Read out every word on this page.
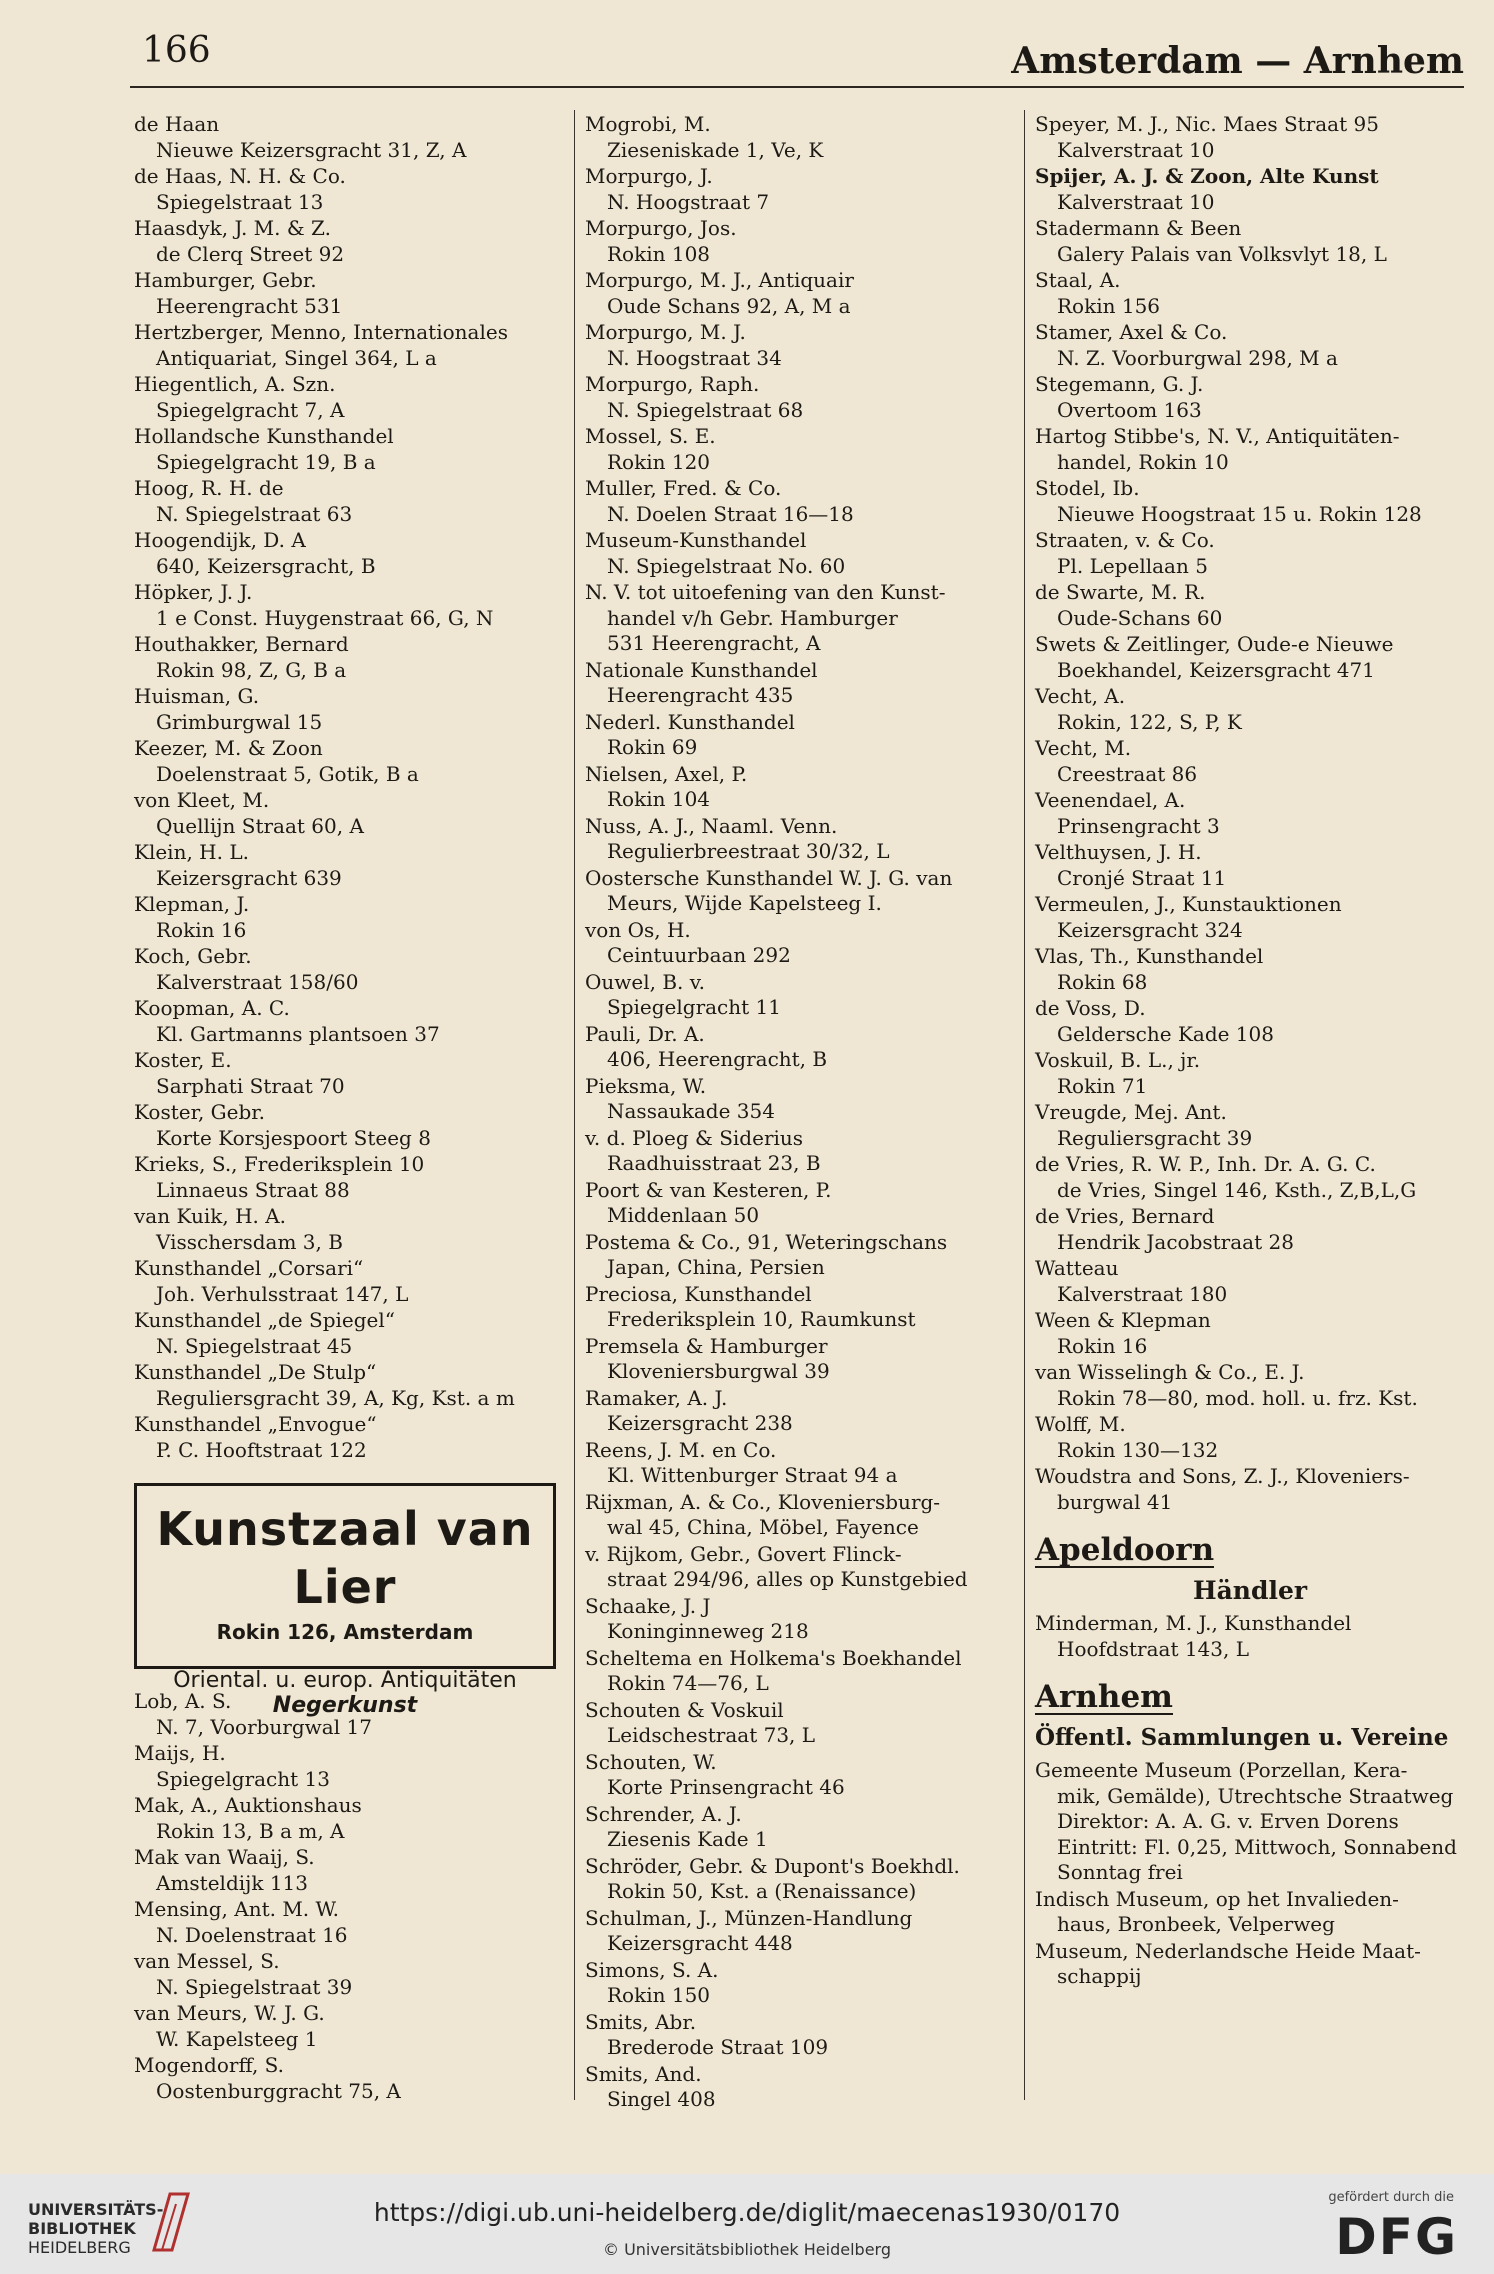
166	Amsterdam — Arnhem
de Haan
Nieuwe Keizersgracht 31, Z, A
de Haas, N. H. & Co.
Spiegelstraat 13
Haasdyk, J. M. & Z.
de Clerq Street 92
Hamburger, Gebr.
Heerengracht 531
Hertzberger, Menno, Internationales
Antiquariat, Singel 364, L a
Hiegentlich, A. Szn.
Spiegelgracht 7, A
Hollandsche Kunsthandel
Spiegelgracht 19, B a
Hoog, R. H. de
N. Spiegelstraat 63
Hoogendijk, D. A
640, Keizersgracht, B
Höpker, J. J.
1 e Const. Huygenstraat 66, G, N
Houthakker, Bernard
Rokin 98, Z, G, B a
Huisman, G.
Grimburgwal 15
Keezer, M. & Zoon
Doelenstraat 5, Gotik, B a
von Kleet, M.
Quellijn Straat 60, A
Klein, H. L.
Keizersgracht 639
Klepman, J.
Rokin 16
Koch, Gebr.
Kalverstraat 158/60
Koopman, A. C.
Kl. Gartmanns plantsoen 37
Koster, E.
Sarphati Straat 70
Koster, Gebr.
Korte Korsjespoort Steeg 8
Krieks, S., Frederiksplein 10
Linnaeus Straat 88
van Kuik, H. A.
Visschersdam 3, B
Kunsthandel „Corsari“
Joh. Verhulsstraat 147, L
Kunsthandel „de Spiegel“
N. Spiegelstraat 45
Kunsthandel „De Stulp“
Reguliersgracht 39, A, Kg, Kst. a m
Kunsthandel „Envogue“
P. C. Hooftstraat 122
Kunstzaal van Lier
Rokin 126, Amsterdam
Oriental. u. europ. Antiquitäten
Negerkunst
Lob, A. S.
N. 7, Voorburgwal 17
Maijs, H.
Spiegelgracht 13
Mak, A., Auktionshaus
Rokin 13, B a m, A
Mak van Waaij, S.
Amsteldijk 113
Mensing, Ant. M. W.
N. Doelenstraat 16
van Messel, S.
N. Spiegelstraat 39
van Meurs, W. J. G.
W. Kapelsteeg 1
Mogendorff, S.
Oostenburggracht 75, A
Mogrobi, M.
Zieseniskade 1, Ve, K
Morpurgo, J.
N. Hoogstraat 7
Morpurgo, Jos.
Rokin 108
Morpurgo, M. J., Antiquair
Oude Schans 92, A, M a
Morpurgo, M. J.
N. Hoogstraat 34
Morpurgo, Raph.
N. Spiegelstraat 68
Mossel, S. E.
Rokin 120
Muller, Fred. & Co.
N. Doelen Straat 16—18
Museum-Kunsthandel
N. Spiegelstraat No. 60
N. V. tot uitoefening van den Kunst-
handel v/h Gebr. Hamburger
531 Heerengracht, A
Nationale Kunsthandel
Heerengracht 435
Nederl. Kunsthandel
Rokin 69
Nielsen, Axel, P.
Rokin 104
Nuss, A. J., Naaml. Venn.
Regulierbreestraat 30/32, L
Oostersche Kunsthandel W. J. G. van
Meurs, Wijde Kapelsteeg I.
von Os, H.
Ceintuurbaan 292
Ouwel, B. v.
Spiegelgracht 11
Pauli, Dr. A.
406, Heerengracht, B
Pieksma, W.
Nassaukade 354
v. d. Ploeg & Siderius
Raadhuisstraat 23, B
Poort & van Kesteren, P.
Middenlaan 50
Postema & Co., 91, Weteringschans
Japan, China, Persien
Preciosa, Kunsthandel
Frederiksplein 10, Raumkunst
Premsela & Hamburger
Kloveniersburgwal 39
Ramaker, A. J.
Keizersgracht 238
Reens, J. M. en Co.
Kl. Wittenburger Straat 94 a
Rijxman, A. & Co., Kloveniersburg-
wal 45, China, Möbel, Fayence
v. Rijkom, Gebr., Govert Flinck-
straat 294/96, alles op Kunstgebied
Schaake, J. J
Koninginneweg 218
Scheltema en Holkema's Boekhandel
Rokin 74—76, L
Schouten & Voskuil
Leidschestraat 73, L
Schouten, W.
Korte Prinsengracht 46
Schrender, A. J.
Ziesenis Kade 1
Schröder, Gebr. & Dupont's Boekhdl.
Rokin 50, Kst. a (Renaissance)
Schulman, J., Münzen-Handlung
Keizersgracht 448
Simons, S. A.
Rokin 150
Smits, Abr.
Brederode Straat 109
Smits, And.
Singel 408
Speyer, M. J., Nic. Maes Straat 95
Kalverstraat 10
Spijer, A. J. & Zoon, Alte Kunst
Kalverstraat 10
Stadermann & Been
Galery Palais van Volksvlyt 18, L
Staal, A.
Rokin 156
Stamer, Axel & Co.
N. Z. Voorburgwal 298, M a
Stegemann, G. J.
Overtoom 163
Hartog Stibbe's, N. V., Antiquitäten-
handel, Rokin 10
Stodel, Ib.
Nieuwe Hoogstraat 15 u. Rokin 128
Straaten, v. & Co.
Pl. Lepellaan 5
de Swarte, M. R.
Oude-Schans 60
Swets & Zeitlinger, Oude-e Nieuwe
Boekhandel, Keizersgracht 471
Vecht, A.
Rokin, 122, S, P, K
Vecht, M.
Creestraat 86
Veenendael, A.
Prinsengracht 3
Velthuysen, J. H.
Cronjé Straat 11
Vermeulen, J., Kunstauktionen
Keizersgracht 324
Vlas, Th., Kunsthandel
Rokin 68
de Voss, D.
Geldersche Kade 108
Voskuil, B. L., jr.
Rokin 71
Vreugde, Mej. Ant.
Reguliersgracht 39
de Vries, R. W. P., Inh. Dr. A. G. C.
de Vries, Singel 146, Ksth., Z,B,L,G
de Vries, Bernard
Hendrik Jacobstraat 28
Watteau
Kalverstraat 180
Ween & Klepman
Rokin 16
van Wisselingh & Co., E. J.
Rokin 78—80, mod. holl. u. frz. Kst.
Wolff, M.
Rokin 130—132
Woudstra and Sons, Z. J., Kloveniers-
burgwal 41
Apeldoorn
Händler
Minderman, M. J., Kunsthandel
Hoofdstraat 143, L
Arnhem
Öffentl. Sammlungen u. Vereine
Gemeente Museum (Porzellan, Kera-
mik, Gemälde), Utrechtsche Straatweg
Direktor: A. A. G. v. Erven Dorens
Eintritt: Fl. 0,25, Mittwoch, Sonnabend
Sonntag frei
Indisch Museum, op het Invalieden-
haus, Bronbeek, Velperweg
Museum, Nederlandsche Heide Maat-
schappij
UNIVERSITÄTS-
BIBLIOTHEK
HEIDELBERG
https://digi.ub.uni-heidelberg.de/diglit/maecenas1930/0170
© Universitätsbibliothek Heidelberg
gefördert durch die
DFG
